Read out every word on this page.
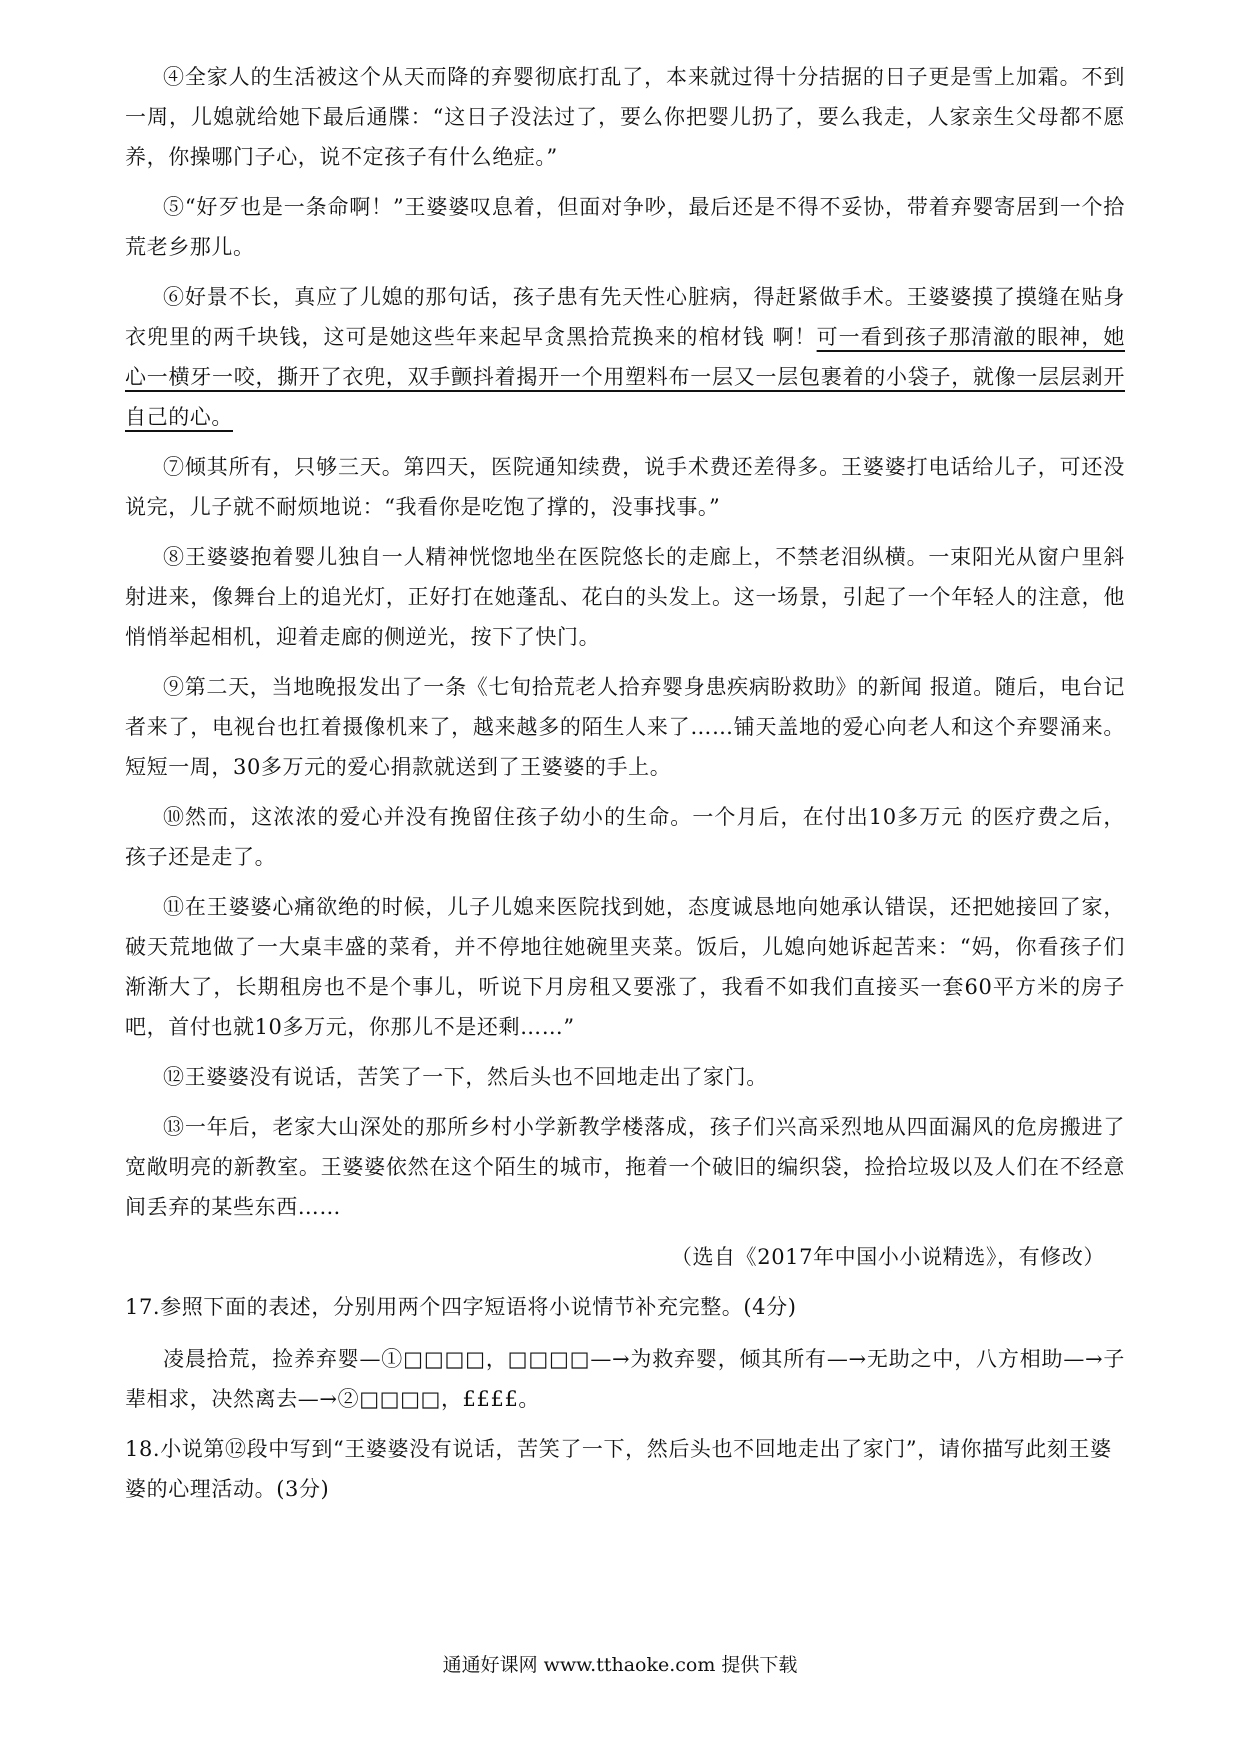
④全家人的生活被这个从天而降的弃婴彻底打乱了，本来就过得十分拮据的日子更是雪上加霜。不到一周，儿媳就给她下最后通牒：“这日子没法过了，要么你把婴儿扔了，要么我走，人家亲生父母都不愿养，你操哪门子心，说不定孩子有什么绝症。”

⑤“好歹也是一条命啊！”王婆婆叹息着，但面对争吵，最后还是不得不妥协，带着弃婴寄居到一个拾荒老乡那儿。

⑥好景不长，真应了儿媳的那句话，孩子患有先天性心脏病，得赶紧做手术。王婆婆摸了摸缝在贴身衣兜里的两千块钱，这可是她这些年来起早贪黑拾荒换来的棺材钱 啊！可一看到孩子那清澈的眼神，她心一横牙一咬，撕开了衣兜，双手颤抖着揭开一个用塑料布一层又一层包裹着的小袋子，就像一层层剥开自己的心。

⑦倾其所有，只够三天。第四天，医院通知续费，说手术费还差得多。王婆婆打电话给儿子，可还没说完，儿子就不耐烦地说：“我看你是吃饱了撑的，没事找事。”

⑧王婆婆抱着婴儿独自一人精神恍惚地坐在医院悠长的走廊上，不禁老泪纵横。一束阳光从窗户里斜射进来，像舞台上的追光灯，正好打在她蓬乱、花白的头发上。这一场景，引起了一个年轻人的注意，他悄悄举起相机，迎着走廊的侧逆光，按下了快门。

⑨第二天，当地晚报发出了一条《七旬拾荒老人拾弃婴身患疾病盼救助》的新闻 报道。随后，电台记者来了，电视台也扛着摄像机来了，越来越多的陌生人来了……铺天盖地的爱心向老人和这个弃婴涌来。短短一周，30多万元的爱心捐款就送到了王婆婆的手上。

⑩然而，这浓浓的爱心并没有挽留住孩子幼小的生命。一个月后，在付出10多万元 的医疗费之后，孩子还是走了。

⑪在王婆婆心痛欲绝的时候，儿子儿媳来医院找到她，态度诚恳地向她承认错误，还把她接回了家，破天荒地做了一大桌丰盛的菜肴，并不停地往她碗里夹菜。饭后，儿媳向她诉起苦来：“妈，你看孩子们渐渐大了，长期租房也不是个事儿，听说下月房租又要涨了，我看不如我们直接买一套60平方米的房子吧，首付也就10多万元，你那儿不是还剩……”

⑫王婆婆没有说话，苦笑了一下，然后头也不回地走出了家门。

⑬一年后，老家大山深处的那所乡村小学新教学楼落成，孩子们兴高采烈地从四面漏风的危房搬进了宽敞明亮的新教室。王婆婆依然在这个陌生的城市，拖着一个破旧的编织袋，捡拾垃圾以及人们在不经意间丢弃的某些东西……

（选自《2017年中国小小说精选》，有修改）

17.参照下面的表述，分别用两个四字短语将小说情节补充完整。(4分)

凌晨拾荒，捡养弃婴—①□□□□，□□□□—→为救弃婴，倾其所有—→无助之中，八方相助—→子辈相求，决然离去—→②□□□□，££££。

18.小说第⑫段中写到“王婆婆没有说话，苦笑了一下，然后头也不回地走出了家门”，请你描写此刻王婆婆的心理活动。(3分)

通通好课网 www.tthaoke.com 提供下载
